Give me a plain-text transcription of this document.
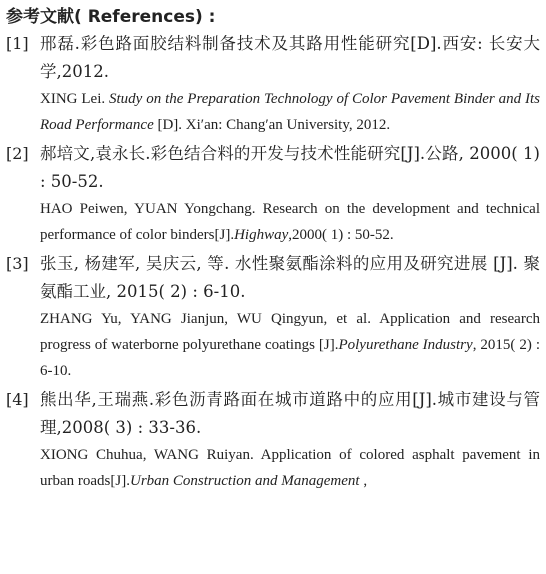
参考文献( References) :
[1] 邢磊.彩色路面胶结料制备技术及其路用性能研究[D].西安: 长安大学,2012.

XING Lei. Study on the Preparation Technology of Color Pavement Binder and Its Road Performance [D]. Xi′an: Chang′an University, 2012.

[2] 郝培文,袁永长.彩色结合料的开发与技术性能研究[J].公路, 2000( 1) : 50-52.

HAO Peiwen, YUAN Yongchang. Research on the development and technical performance of color binders[J].Highway,2000( 1) : 50-52.

[3] 张玉, 杨建军, 吴庆云, 等. 水性聚氨酯涂料的应用及研究进展 [J]. 聚氨酯工业, 2015( 2) : 6-10.

ZHANG Yu, YANG Jianjun, WU Qingyun, et al. Application and research progress of waterborne polyurethane coatings [J].Polyurethane Industry, 2015( 2) : 6-10.

[4] 熊出华,王瑞燕.彩色沥青路面在城市道路中的应用[J].城市建设与管理,2008( 3) : 33-36.

XIONG Chuhua, WANG Ruiyan. Application of colored asphalt pavement in urban roads[J].Urban Construction and Management ,
